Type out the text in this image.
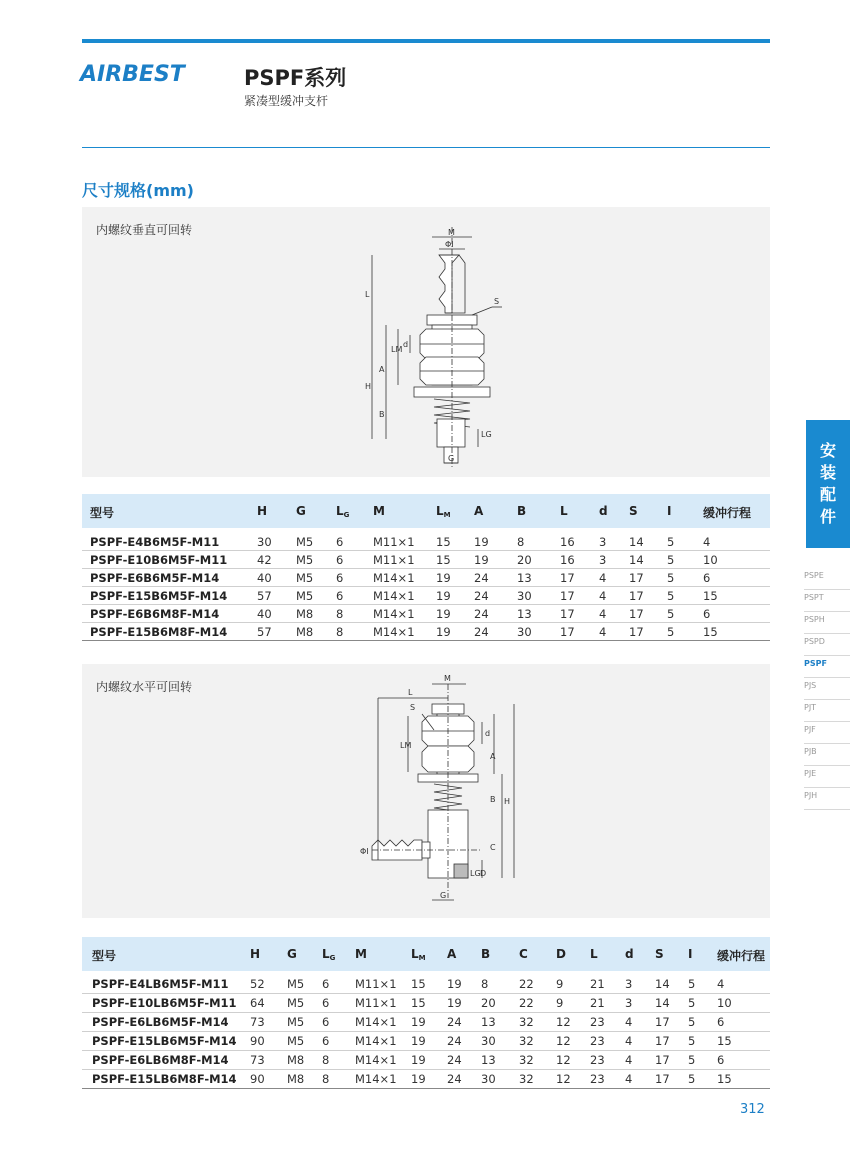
AIRBEST	PSPF系列
紧凑型缓冲支杆
尺寸规格(mm)
内螺纹垂直可回转	M
ΦI
L
S
LM
d
A
H
B
LG
G
型号	H G	LG M	LM A	B	L	d S I	缓冲行程
PSPF-E4B6M5F-M11	30 M5 6	M11×1 15 19 8	16 3 14 5 4
PSPF-E10B6M5F-M11	42 M5 6	M11×1 15 19 20 16 3 14 5 10
PSPF-E6B6M5F-M14	40 M5 6	M14×1 19 24 13 17 4 17 5 6
PSPF-E15B6M5F-M14	57 M5 6	M14×1 19 24 30 17 4 17 5 15
PSPF-E6B6M8F-M14	40 M8 8	M14×1 19 24 13 17 4 17 5 6
PSPF-E15B6M8F-M14	57 M8 8	M14×1 19 24 30 17 4 17 5 15
内螺纹水平可回转
M
L
S
LM
d
A
B H
C
ΦI
LG D
G
型号	H G LG M	LM A B C D L d S I 缓冲行程
PSPF-E4LB6M5F-M11 52 M5 6 M11×1 15 19 8	22 9 21 3 14 5 4
PSPF-E10LB6M5F-M11 64 M5 6 M11×1 15 19 20 22 9 21 3 14 5 10
PSPF-E6LB6M5F-M14 73 M5 6 M14×1 19 24 13 32 12 23 4 17 5 6
PSPF-E15LB6M5F-M14 90 M5 6 M14×1 19 24 30 32 12 23 4 17 5 15
PSPF-E6LB6M8F-M14 73 M8 8 M14×1 19 24 13 32 12 23 4 17 5 6
PSPF-E15LB6M8F-M14 90 M8 8 M14×1 19 24 30 32 12 23 4 17 5 15
安
装
配
件
PSPE
PSPT
PSPH
PSPD
PSPF
PJS
PJT
PJF
PJB
PJE
PJH
312
